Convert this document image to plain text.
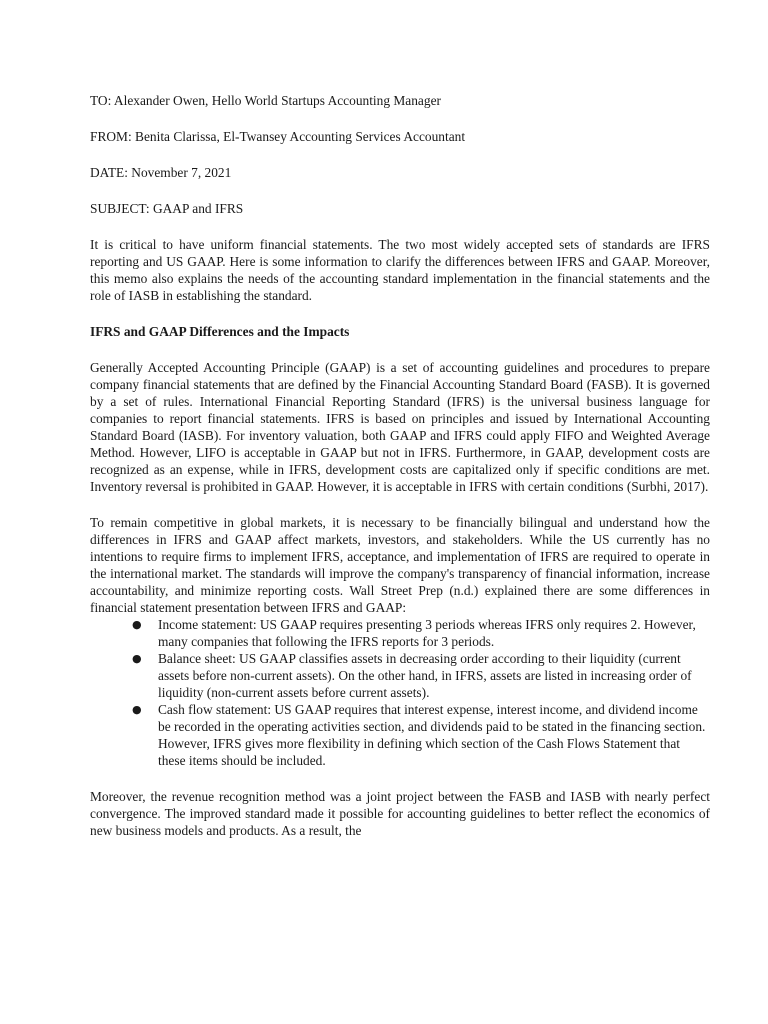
TO: Alexander Owen, Hello World Startups Accounting Manager
FROM: Benita Clarissa, El-Twansey Accounting Services Accountant
DATE: November 7, 2021
SUBJECT: GAAP and IFRS

It is critical to have uniform financial statements. The two most widely accepted sets of standards are IFRS reporting and US GAAP. Here is some information to clarify the differences between IFRS and GAAP. Moreover, this memo also explains the needs of the accounting standard implementation in the financial statements and the role of IASB in establishing the standard.

IFRS and GAAP Differences and the Impacts

Generally Accepted Accounting Principle (GAAP) is a set of accounting guidelines and procedures to prepare company financial statements that are defined by the Financial Accounting Standard Board (FASB). It is governed by a set of rules. International Financial Reporting Standard (IFRS) is the universal business language for companies to report financial statements. IFRS is based on principles and issued by International Accounting Standard Board (IASB). For inventory valuation, both GAAP and IFRS could apply FIFO and Weighted Average Method. However, LIFO is acceptable in GAAP but not in IFRS. Furthermore, in GAAP, development costs are recognized as an expense, while in IFRS, development costs are capitalized only if specific conditions are met. Inventory reversal is prohibited in GAAP. However, it is acceptable in IFRS with certain conditions (Surbhi, 2017).

To remain competitive in global markets, it is necessary to be financially bilingual and understand how the differences in IFRS and GAAP affect markets, investors, and stakeholders. While the US currently has no intentions to require firms to implement IFRS, acceptance, and implementation of IFRS are required to operate in the international market. The standards will improve the company's transparency of financial information, increase accountability, and minimize reporting costs. Wall Street Prep (n.d.) explained there are some differences in financial statement presentation between IFRS and GAAP:

● Income statement: US GAAP requires presenting 3 periods whereas IFRS only requires 2. However, many companies that following the IFRS reports for 3 periods.
● Balance sheet: US GAAP classifies assets in decreasing order according to their liquidity (current assets before non-current assets). On the other hand, in IFRS, assets are listed in increasing order of liquidity (non-current assets before current assets).
● Cash flow statement: US GAAP requires that interest expense, interest income, and dividend income be recorded in the operating activities section, and dividends paid to be stated in the financing section. However, IFRS gives more flexibility in defining which section of the Cash Flows Statement that these items should be included.

Moreover, the revenue recognition method was a joint project between the FASB and IASB with nearly perfect convergence. The improved standard made it possible for accounting guidelines to better reflect the economics of new business models and products. As a result, the
